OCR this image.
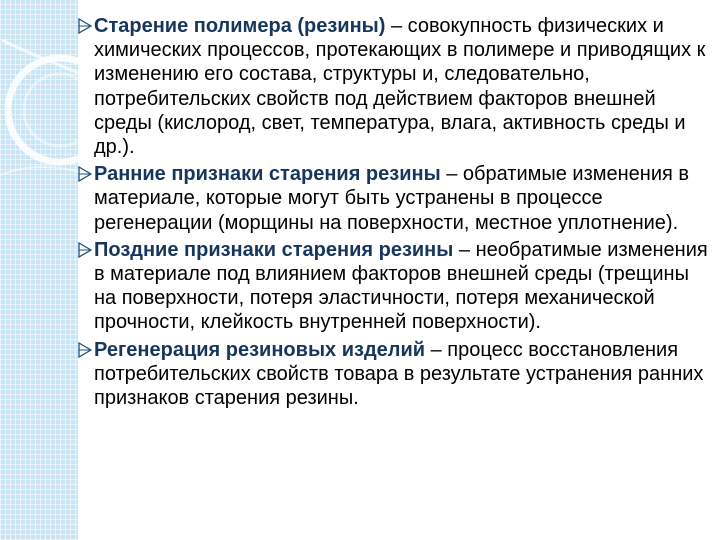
Старение полимера (резины) – совокупность физических и химических процессов, протекающих в полимере и приводящих к изменению его состава, структуры и, следовательно, потребительских свойств под действием факторов внешней среды (кислород, свет, температура, влага, активность среды и др.).
Ранние признаки старения резины – обратимые изменения в материале, которые могут быть устранены в процессе регенерации (морщины на поверхности, местное уплотнение).
Поздние признаки старения резины – необратимые изменения в материале под влиянием факторов внешней среды (трещины на поверхности, потеря эластичности, потеря механической прочности, клейкость внутренней поверхности).
Регенерация резиновых изделий – процесс восстановления потребительских свойств товара в результате устранения ранних признаков старения резины.
